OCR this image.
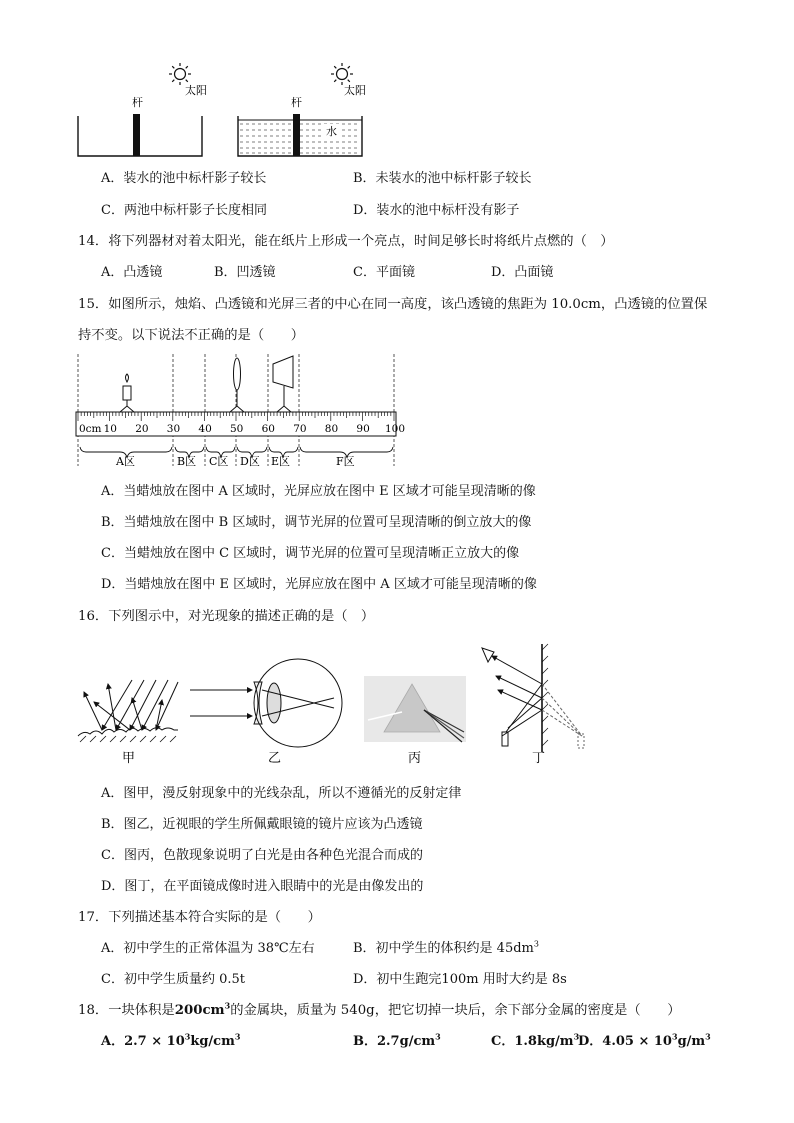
太阳
杆
太阳
杆
水
A．装水的池中标杆影子较长	B．未装水的池中标杆影子较长
C．两池中标杆影子长度相同	D．装水的池中标杆没有影子
14．将下列器材对着太阳光，能在纸片上形成一个亮点，时间足够长时将纸片点燃的（　）
A．凸透镜	B．凹透镜	C．平面镜	D．凸面镜
15．如图所示，烛焰、凸透镜和光屏三者的中心在同一高度，该凸透镜的焦距为 10.0cm，凸透镜的位置保
持不变。以下说法不正确的是（　　）
0cm 10 20 30 40 50 60 70 80 90 100
A区	B区 C区 D区 E区	F区
A．当蜡烛放在图中 A 区域时，光屏应放在图中 E 区域才可能呈现清晰的像
B．当蜡烛放在图中 B 区域时，调节光屏的位置可呈现清晰的倒立放大的像
C．当蜡烛放在图中 C 区域时，调节光屏的位置可呈现清晰正立放大的像
D．当蜡烛放在图中 E 区域时，光屏应放在图中 A 区域才可能呈现清晰的像
16．下列图示中，对光现象的描述正确的是（　）
甲	乙	丙	丁
A．图甲，漫反射现象中的光线杂乱，所以不遵循光的反射定律
B．图乙，近视眼的学生所佩戴眼镜的镜片应该为凸透镜
C．图丙，色散现象说明了白光是由各种色光混合而成的
D．图丁，在平面镜成像时进入眼睛中的光是由像发出的
17．下列描述基本符合实际的是（　　）
A．初中学生的正常体温为 38℃左右	B．初中学生的体积约是 $45dm^3$
C．初中学生质量约 0.5t	D．初中生跑完100m 用时大约是 8s
18．一块体积是$200cm^3$的金属块，质量为 540g，把它切掉一块后，余下部分金属的密度是（　　）
A．$2.7 \times 10^3kg/cm^3$	B．$2.7g/cm^3$	C．$1.8kg/m^3$
D．$4.05 \times 10^3g/m^3$
